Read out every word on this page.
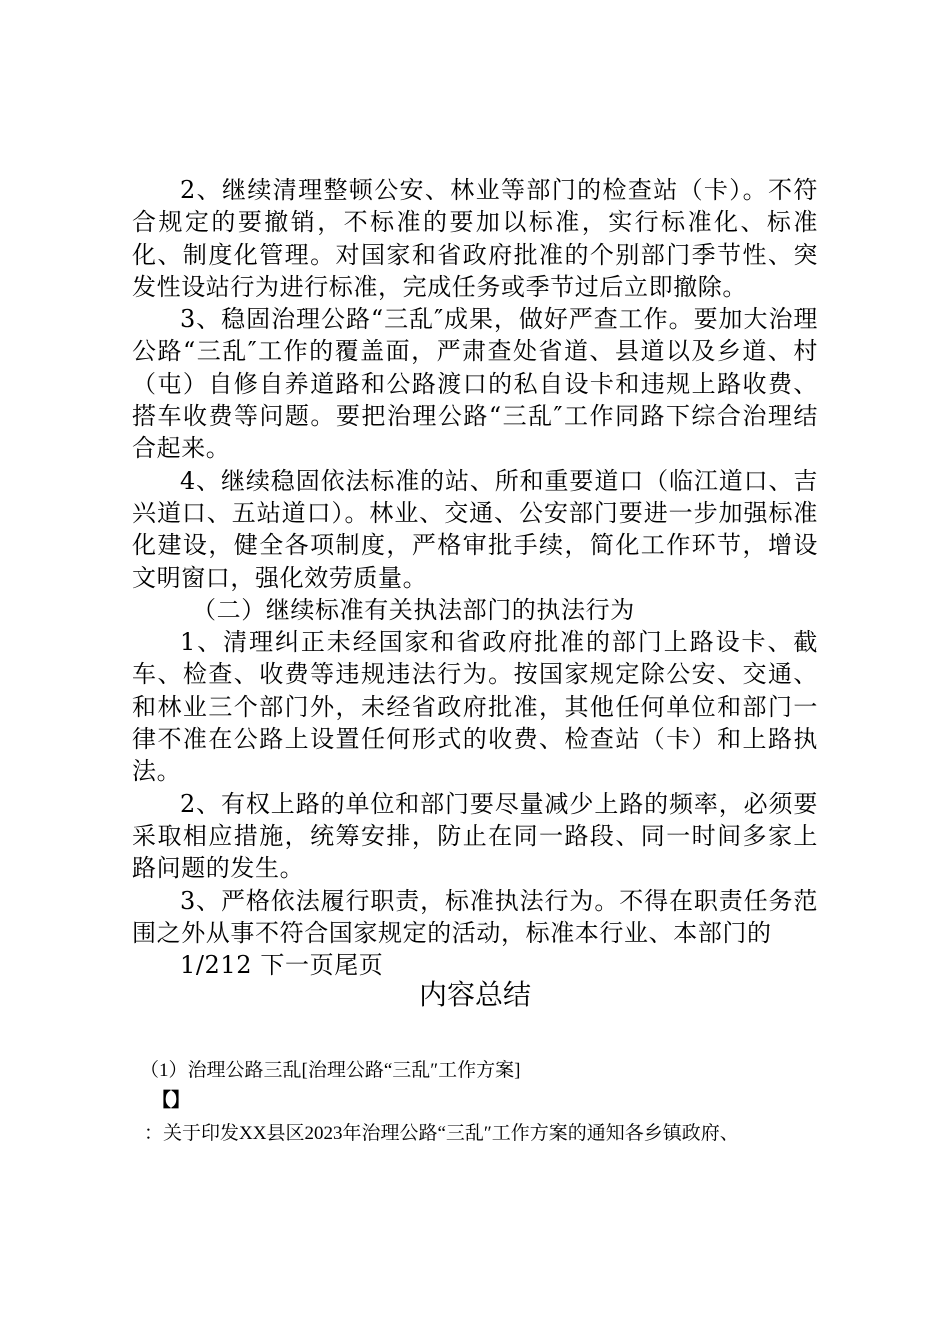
2、继续清理整顿公安、林业等部门的检查站（卡）。不符合规定的要撤销，不标准的要加以标准，实行标准化、标准化、制度化管理。对国家和省政府批准的个别部门季节性、突发性设站行为进行标准，完成任务或季节过后立即撤除。

3、稳固治理公路“三乱″成果，做好严查工作。要加大治理公路“三乱″工作的覆盖面，严肃查处省道、县道以及乡道、村（屯）自修自养道路和公路渡口的私自设卡和违规上路收费、搭车收费等问题。要把治理公路“三乱″工作同路下综合治理结合起来。

4、继续稳固依法标准的站、所和重要道口（临江道口、吉兴道口、五站道口）。林业、交通、公安部门要进一步加强标准化建设，健全各项制度，严格审批手续，简化工作环节，增设文明窗口，强化效劳质量。

（二）继续标准有关执法部门的执法行为

1、清理纠正未经国家和省政府批准的部门上路设卡、截车、检查、收费等违规违法行为。按国家规定除公安、交通、和林业三个部门外，未经省政府批准，其他任何单位和部门一律不准在公路上设置任何形式的收费、检查站（卡）和上路执法。

2、有权上路的单位和部门要尽量减少上路的频率，必须要采取相应措施，统筹安排，防止在同一路段、同一时间多家上路问题的发生。

3、严格依法履行职责，标准执法行为。不得在职责任务范围之外从事不符合国家规定的活动，标准本行业、本部门的

1/212 下一页尾页

内容总结

（1）治理公路三乱[治理公路“三乱″工作方案]

【】

：关于印发XX县区2023年治理公路“三乱″工作方案的通知各乡镇政府、
